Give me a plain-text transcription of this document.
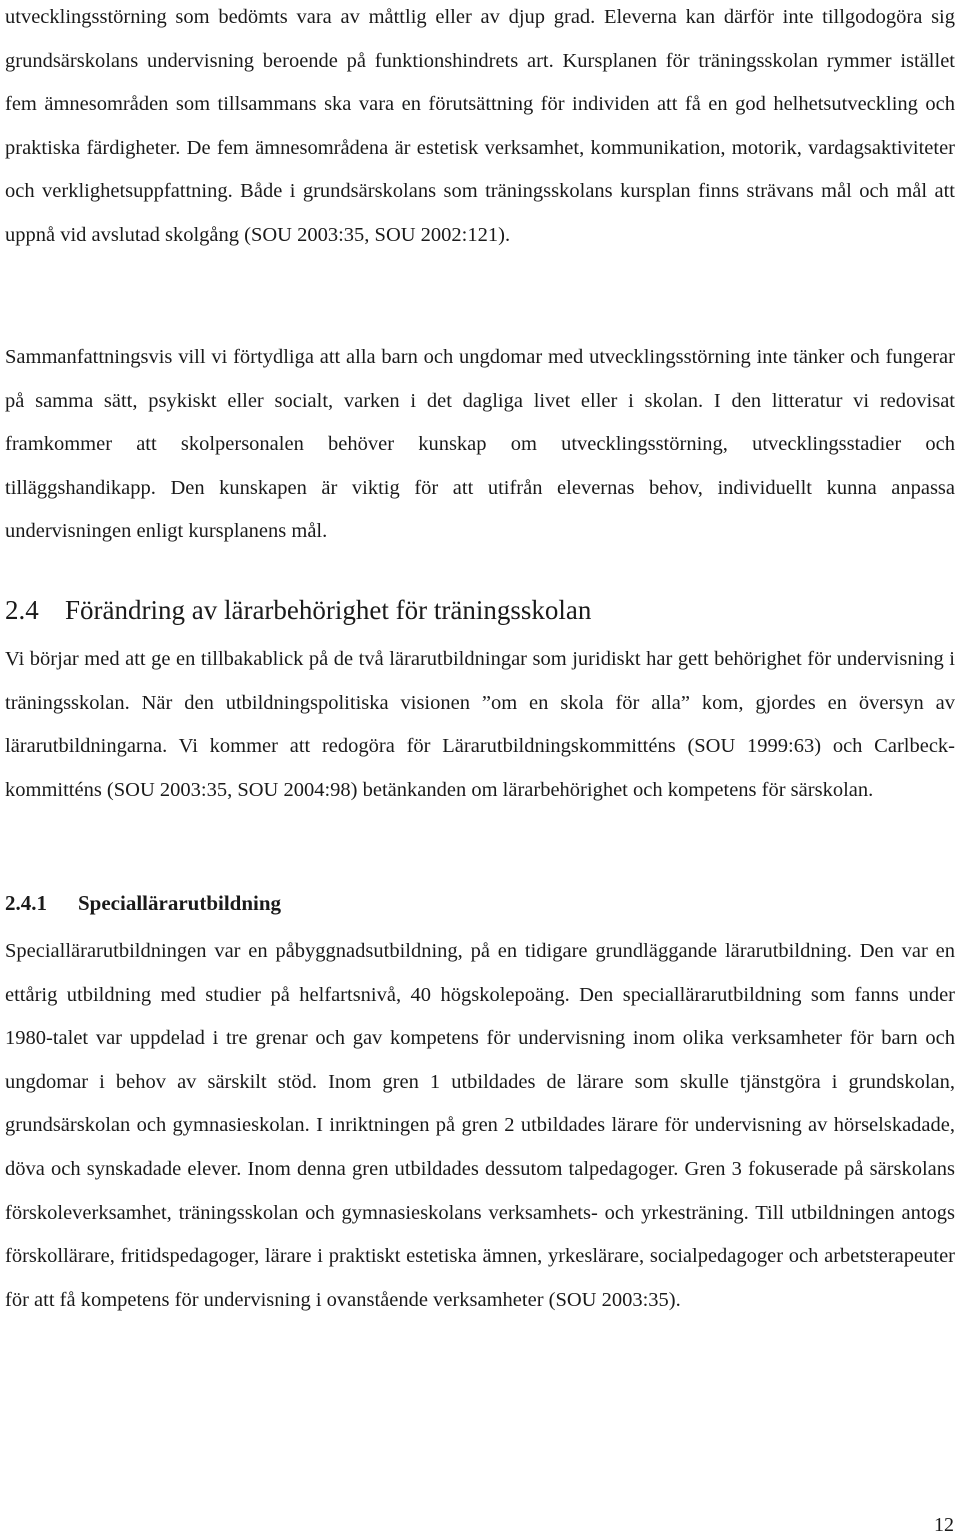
utvecklingsstörning som bedömts vara av måttlig eller av djup grad. Eleverna kan därför inte tillgodogöra sig grundsärskolans undervisning beroende på funktionshindrets art. Kursplanen för träningsskolan rymmer istället fem ämnesområden som tillsammans ska vara en förutsättning för individen att få en god helhetsutveckling och praktiska färdigheter. De fem ämnesområdena är estetisk verksamhet, kommunikation, motorik, vardagsaktiviteter och verklighetsuppfattning. Både i grundsärskolans som träningsskolans kursplan finns strävans mål och mål att uppnå vid avslutad skolgång (SOU 2003:35, SOU 2002:121).

Sammanfattningsvis vill vi förtydliga att alla barn och ungdomar med utvecklingsstörning inte tänker och fungerar på samma sätt, psykiskt eller socialt, varken i det dagliga livet eller i skolan. I den litteratur vi redovisat framkommer att skolpersonalen behöver kunskap om utvecklingsstörning, utvecklingsstadier och tilläggshandikapp. Den kunskapen är viktig för att utifrån elevernas behov, individuellt kunna anpassa undervisningen enligt kursplanens mål.

2.4 Förändring av lärarbehörighet för träningsskolan

Vi börjar med att ge en tillbakablick på de två lärarutbildningar som juridiskt har gett behörighet för undervisning i träningsskolan. När den utbildningspolitiska visionen ”om en skola för alla” kom, gjordes en översyn av lärarutbildningarna. Vi kommer att redogöra för Lärarutbildningskommitténs (SOU 1999:63) och Carlbeck-kommitténs (SOU 2003:35, SOU 2004:98) betänkanden om lärarbehörighet och kompetens för särskolan.

2.4.1 Speciallärarutbildning

Speciallärarutbildningen var en påbyggnadsutbildning, på en tidigare grundläggande lärarutbildning. Den var en ettårig utbildning med studier på helfartsnivå, 40 högskolepoäng. Den speciallärarutbildning som fanns under 1980-talet var uppdelad i tre grenar och gav kompetens för undervisning inom olika verksamheter för barn och ungdomar i behov av särskilt stöd. Inom gren 1 utbildades de lärare som skulle tjänstgöra i grundskolan, grundsärskolan och gymnasieskolan. I inriktningen på gren 2 utbildades lärare för undervisning av hörselskadade, döva och synskadade elever. Inom denna gren utbildades dessutom talpedagoger. Gren 3 fokuserade på särskolans förskoleverksamhet, träningsskolan och gymnasieskolans verksamhets- och yrkesträning. Till utbildningen antogs förskollärare, fritidspedagoger, lärare i praktiskt estetiska ämnen, yrkeslärare, socialpedagoger och arbetsterapeuter för att få kompetens för undervisning i ovanstående verksamheter (SOU 2003:35).

12
